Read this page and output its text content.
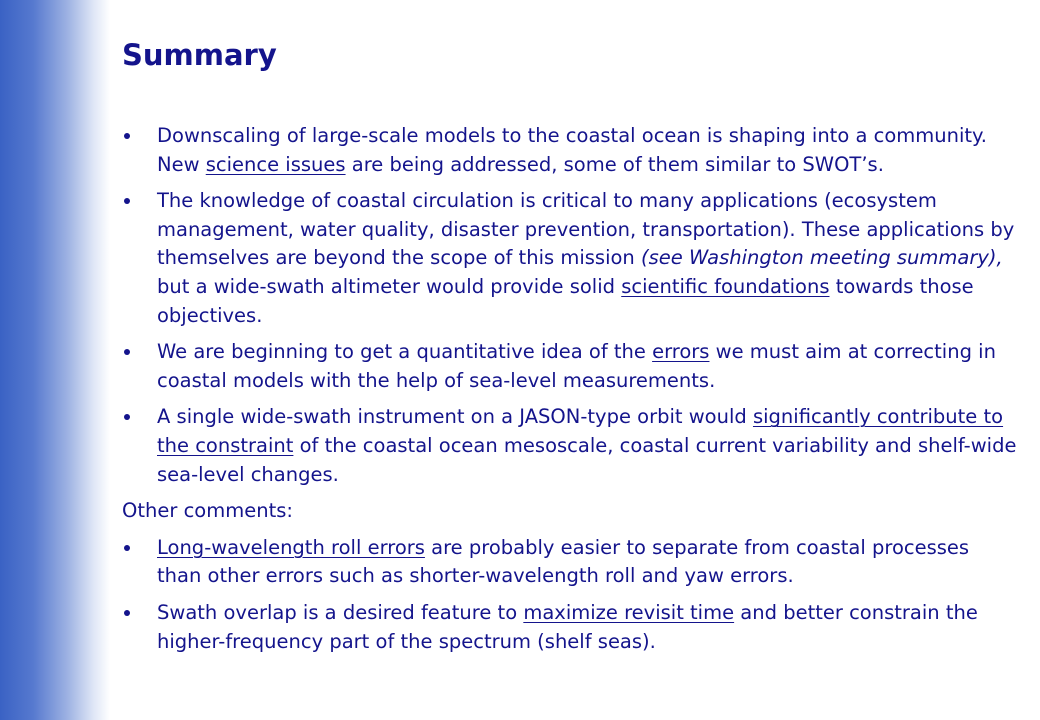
Summary
Downscaling of large-scale models to the coastal ocean is shaping into a community. New science issues are being addressed, some of them similar to SWOT’s.
The knowledge of coastal circulation is critical to many applications (ecosystem management, water quality, disaster prevention, transportation). These applications by themselves are beyond the scope of this mission (see Washington meeting summary), but a wide-swath altimeter would provide solid scientific foundations towards those objectives.
We are beginning to get a quantitative idea of the errors we must aim at correcting in coastal models with the help of sea-level measurements.
A single wide-swath instrument on a JASON-type orbit would significantly contribute to the constraint of the coastal ocean mesoscale, coastal current variability and shelf-wide sea-level changes.

Other comments:

Long-wavelength roll errors are probably easier to separate from coastal processes than other errors such as shorter-wavelength roll and yaw errors.
Swath overlap is a desired feature to maximize revisit time and better constrain the higher-frequency part of the spectrum (shelf seas).
